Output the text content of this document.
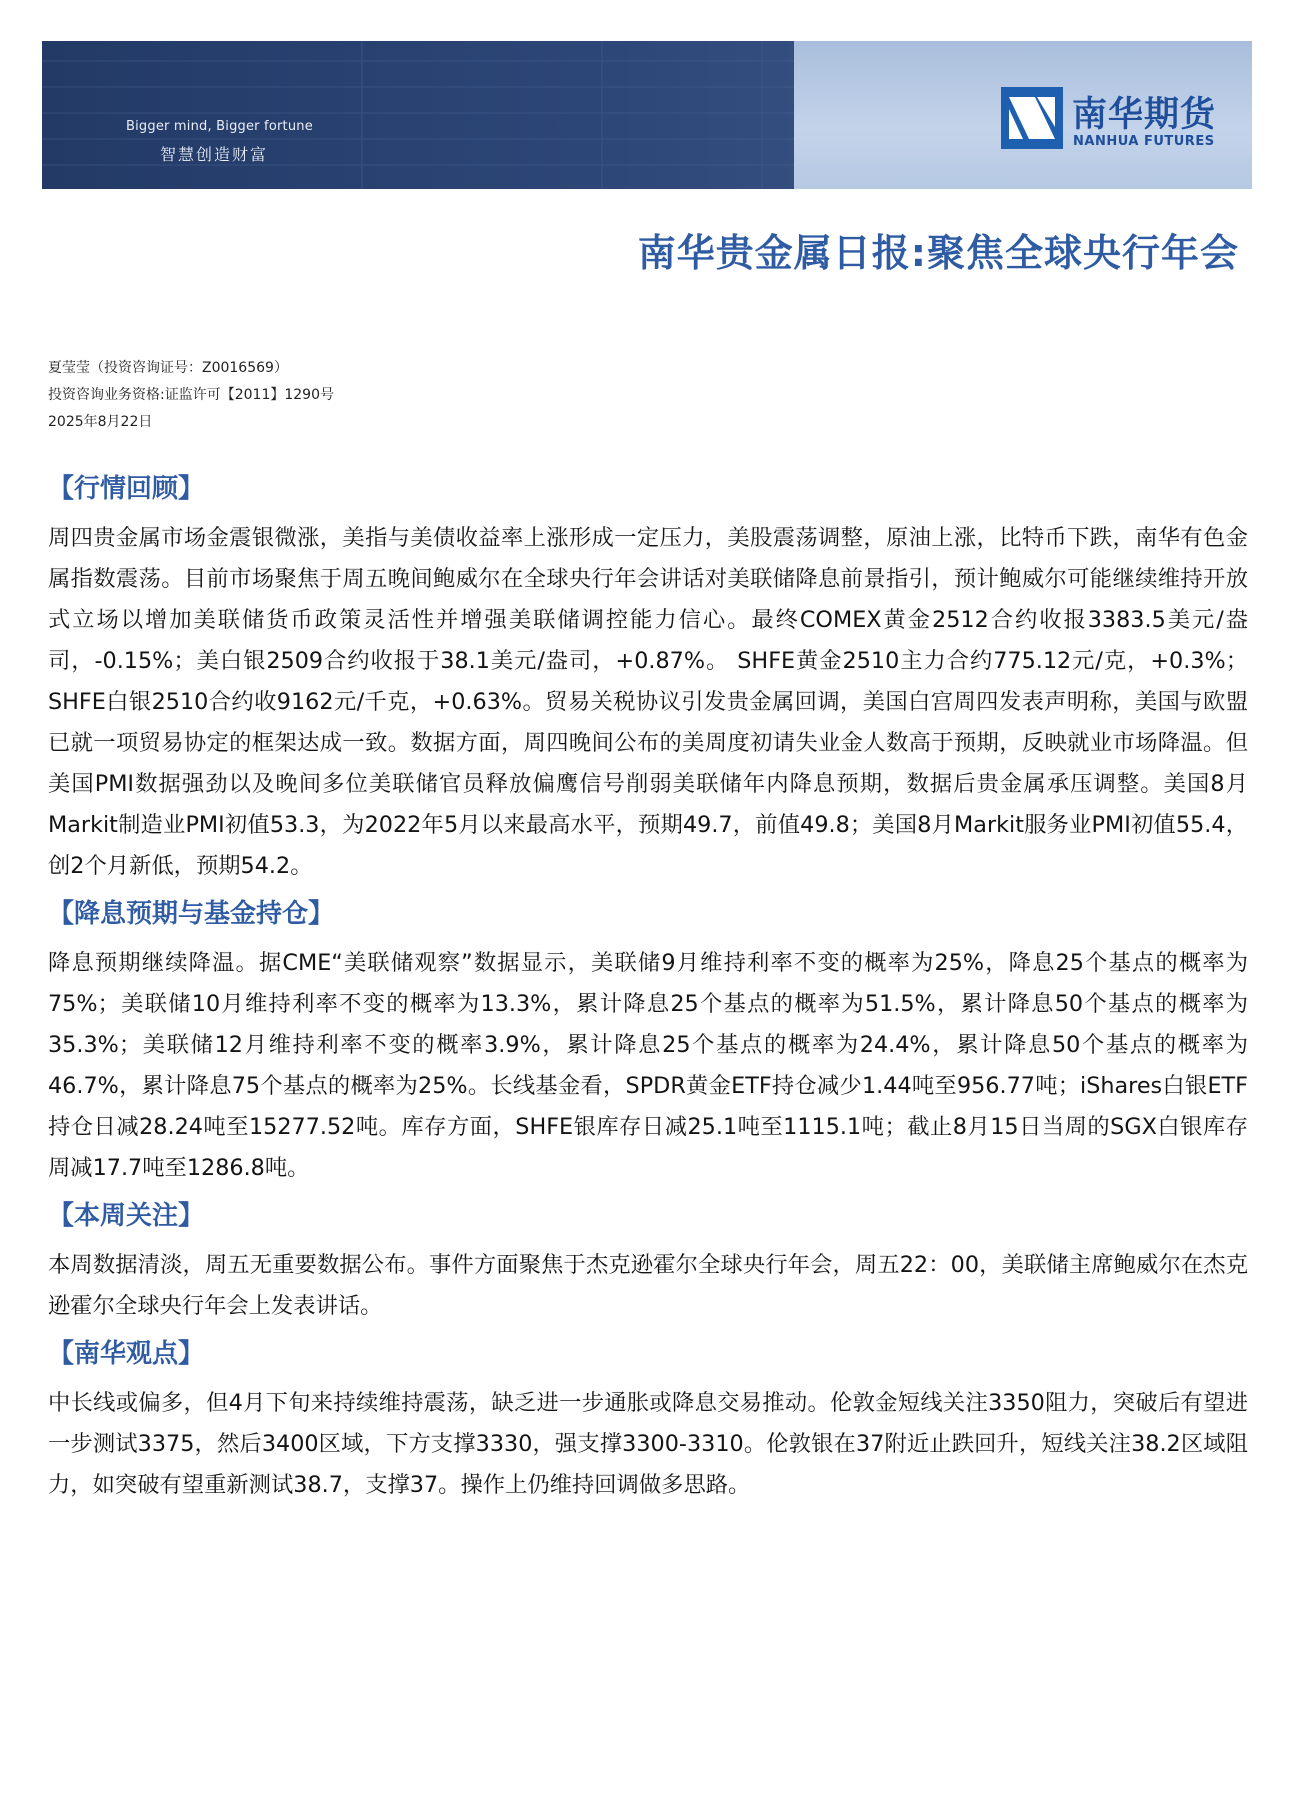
Bigger mind, Bigger fortune
智慧创造财富
南华期货
NANHUA FUTURES
南华贵金属日报:聚焦全球央行年会
夏莹莹（投资咨询证号：Z0016569）
投资咨询业务资格:证监许可【2011】1290号
2025年8月22日
【行情回顾】

周四贵金属市场金震银微涨，美指与美债收益率上涨形成一定压力，美股震荡调整，原油上涨，比特币下跌，南华有色金属指数震荡。目前市场聚焦于周五晚间鲍威尔在全球央行年会讲话对美联储降息前景指引，预计鲍威尔可能继续维持开放式立场以增加美联储货币政策灵活性并增强美联储调控能力信心。最终COMEX黄金2512合约收报3383.5美元/盎司，-0.15%；美白银2509合约收报于38.1美元/盎司，+0.87%。 SHFE黄金2510主力合约775.12元/克，+0.3%；SHFE白银2510合约收9162元/千克，+0.63%。贸易关税协议引发贵金属回调，美国白宫周四发表声明称，美国与欧盟已就一项贸易协定的框架达成一致。数据方面，周四晚间公布的美周度初请失业金人数高于预期，反映就业市场降温。但美国PMI数据强劲以及晚间多位美联储官员释放偏鹰信号削弱美联储年内降息预期，数据后贵金属承压调整。美国8月Markit制造业PMI初值53.3，为2022年5月以来最高水平，预期49.7，前值49.8；美国8月Markit服务业PMI初值55.4，创2个月新低，预期54.2。

【降息预期与基金持仓】

降息预期继续降温。据CME“美联储观察”数据显示，美联储9月维持利率不变的概率为25%，降息25个基点的概率为75%；美联储10月维持利率不变的概率为13.3%，累计降息25个基点的概率为51.5%，累计降息50个基点的概率为35.3%；美联储12月维持利率不变的概率3.9%，累计降息25个基点的概率为24.4%，累计降息50个基点的概率为46.7%，累计降息75个基点的概率为25%。长线基金看，SPDR黄金ETF持仓减少1.44吨至956.77吨；iShares白银ETF持仓日减28.24吨至15277.52吨。库存方面，SHFE银库存日减25.1吨至1115.1吨；截止8月15日当周的SGX白银库存周减17.7吨至1286.8吨。

【本周关注】

本周数据清淡，周五无重要数据公布。事件方面聚焦于杰克逊霍尔全球央行年会，周五22：00，美联储主席鲍威尔在杰克逊霍尔全球央行年会上发表讲话。

【南华观点】

中长线或偏多，但4月下旬来持续维持震荡，缺乏进一步通胀或降息交易推动。伦敦金短线关注3350阻力，突破后有望进一步测试3375，然后3400区域，下方支撑3330，强支撑3300-3310。伦敦银在37附近止跌回升，短线关注38.2区域阻力，如突破有望重新测试38.7，支撑37。操作上仍维持回调做多思路。
